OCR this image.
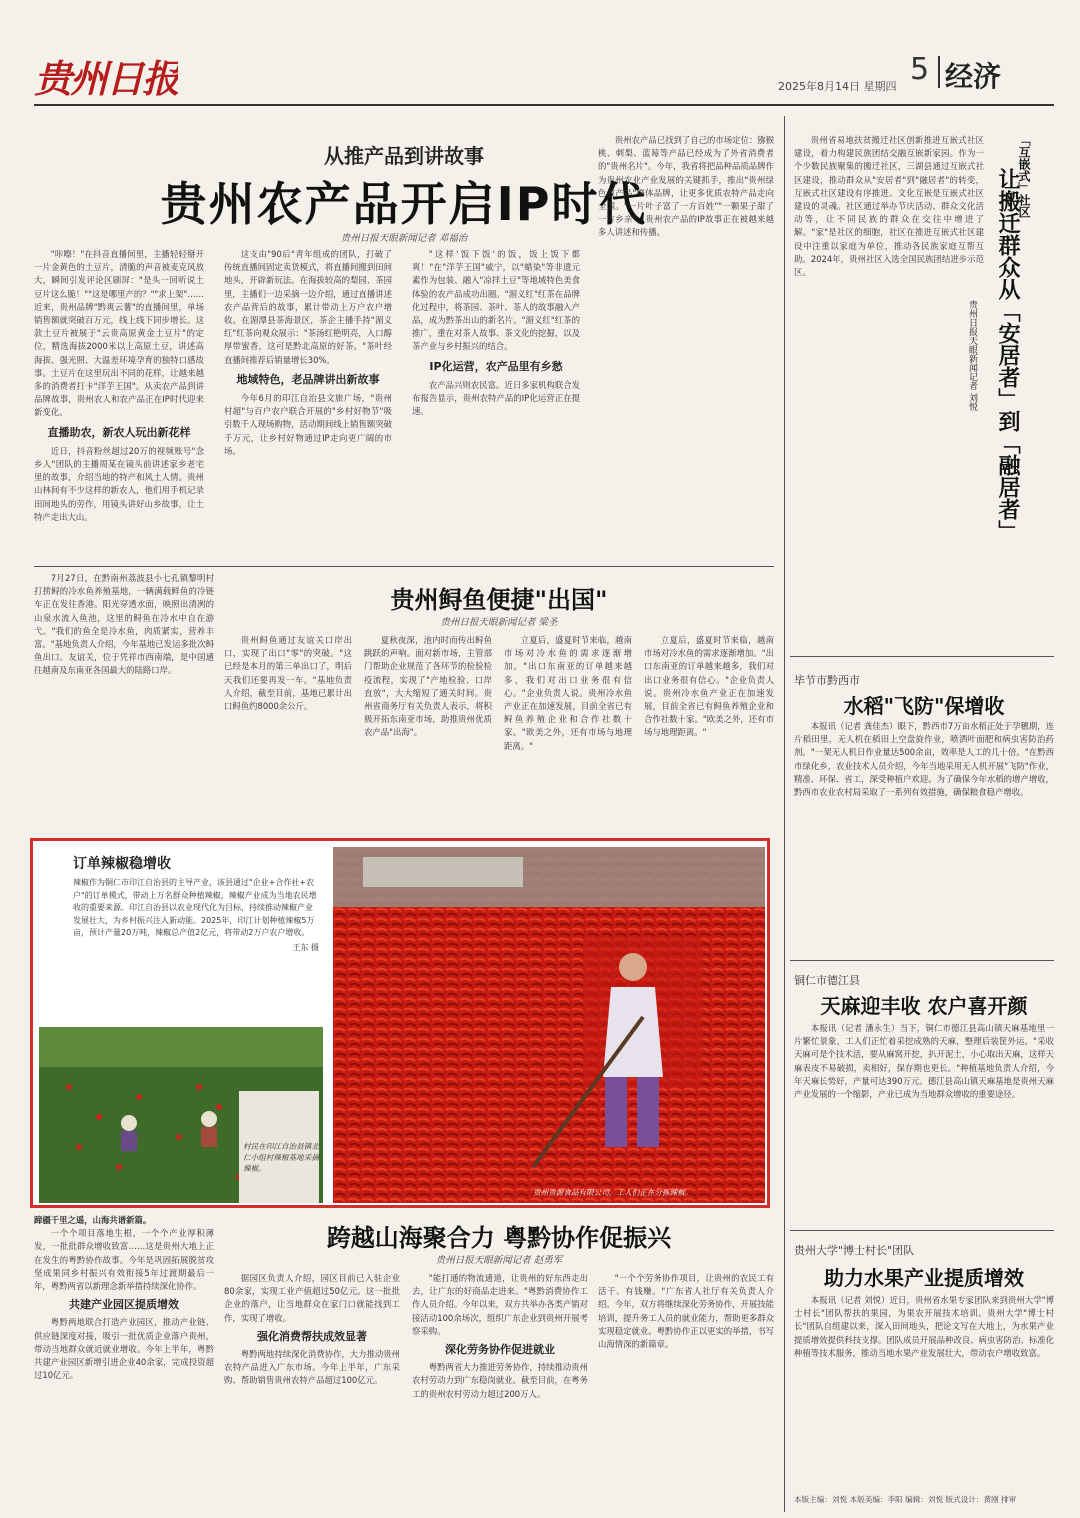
贵州日报	2025年8月14日 星期四 5 经济
从推产品到讲故事
贵州农产品开启IP时代
贵州日报天眼新闻记者 邓福治

"咔嚓！"在抖音直播间里，主播轻轻掰开一片金黄色的土豆片，清脆的声音被麦克风放大，瞬间引发评论区刷屏："是头一回听说土豆片这么脆！""这是哪里产的？""求上架"……近来，贵州品牌"黔爽云薯"的直播间里，单场销售额就突破百万元，线上线下同步增长。这款土豆片被展于"云贵高原黄金土豆片"的定位，精选海拔2000米以上高原土豆，讲述高海拔、强光照、大温差环境孕育的独特口感故事。土豆片在这里玩出不同的花样，让越来越多的消费者打卡"洋芋王国"。从卖农产品到讲品牌故事，贵州农人和农产品正在IP时代迎来新变化。

直播助农，新农人玩出新花样

近日，抖音粉丝超过20万的视频账号"念乡人"团队的主播周某在镜头前讲述家乡老宅里的故事，介绍当地的特产和风土人情。贵州山林间有不少这样的新农人，他们用手机记录田间地头的劳作，用镜头讲好山乡故事，让土特产走出大山。

这支由"90后"青年组成的团队，打破了传统直播间固定卖货模式，将直播间搬到田间地头，开辟新玩法。在海拔较高的梨园、茶园里，主播们一边采摘一边介绍，通过直播讲述农产品背后的故事，累计带动上万户农户增收。在湄潭县茶海景区，茶企主播手持"湄义红"红茶向观众展示："茶汤红艳明亮，入口醇厚带蜜香，这可是黔北高原的好茶。"茶叶经直播间推荐后销量增长30%。

地域特色，老品牌讲出新故事

今年6月的印江自治县文旅广场，"贵州村超"与百户农户联合开展的"乡村好物节"吸引数千人现场购物，活动期间线上销售额突破千万元，让乡村好物通过IP走向更广阔的市场。

"这样'饭下饭'的饭，饭上饭下都爽！"在"洋芋王国"威宁，以"蜡染"等非遗元素作为包装、融入"凉拌土豆"等地域特色美食体验的农产品成功出圈。"湄义红"红茶在品牌化过程中，将茶园、茶叶、茶人的故事融入产品，成为黔茶出山的新名片。"湄义红"红茶的推广，重在对茶人故事、茶文化的挖掘，以及茶产业与乡村振兴的结合。

IP化运营，农产品里有乡愁

农产品兴则农民富。近日多家机构联合发布报告显示，贵州农特产品的IP化运营正在提速。

贵州农产品已找到了自己的市场定位：猕猴桃、刺梨、蓝莓等产品已经成为了外省消费者的"贵州名片"。今年，我省将把品种品质品牌作为贵州农业产业发展的关键抓手，推出"贵州绿色农产品"整体品牌，让更多优质农特产品走向全国。"一片叶子富了一方百姓""一颗果子甜了一方乡亲"，贵州农产品的IP故事正在被越来越多人讲述和传播。

贵州省易地扶贫搬迁社区创新推进互嵌式社区建设，着力构建民族团结交融互嵌新家园。作为一个少数民族聚集的搬迁社区，三湖县通过互嵌式社区建设，推动群众从"安居者"到"融居者"的转变，互嵌式社区建设有序推进。文化互嵌是互嵌式社区建设的灵魂。社区通过举办节庆活动、群众文化活动等，让不同民族的群众在交往中增进了解。"家"是社区的细胞，社区在推进互嵌式社区建设中注重以家庭为单位，推动各民族家庭互帮互助。2024年，贵州社区入选全国民族团结进步示范区。

「互嵌式」社区
让搬迁群众从「安居者」到「融居者」
贵州日报天眼新闻记者 刘悦
毕节市黔西市
水稻"飞防"保增收

本报讯（记者 龚佳杰）眼下，黔西市7万亩水稻正处于孕穗期，连片稻田里，无人机在稻田上空盘旋作业，喷洒叶面肥和病虫害防治药剂。"一架无人机日作业量达500余亩，效率是人工的几十倍。"在黔西市绿化乡，农业技术人员介绍，今年当地采用无人机开展"飞防"作业，精准、环保、省工，深受种植户欢迎。为了确保今年水稻的增产增收，黔西市农业农村局采取了一系列有效措施，确保粮食稳产增收。

铜仁市德江县
天麻迎丰收 农户喜开颜

本报讯（记者 潘永生）当下，铜仁市德江县高山镇天麻基地里一片繁忙景象，工人们正忙着采挖成熟的天麻，整理后装筐外运。"采收天麻可是个技术活，要从麻窝开挖，扒开泥土，小心取出天麻，这样天麻表皮不易破损，卖相好，保存期也更长。"种植基地负责人介绍，今年天麻长势好，产量可达390万元。德江县高山镇天麻基地是贵州天麻产业发展的一个缩影，产业已成为当地群众增收的重要途径。

贵州大学"博士村长"团队
助力水果产业提质增效

本报讯（记者 刘悦）近日，贵州省水果专家团队来到贵州大学"博士村长"团队帮扶的果园，为果农开展技术培训。贵州大学"博士村长"团队自组建以来，深入田间地头，把论文写在大地上，为水果产业提质增效提供科技支撑。团队成员开展品种改良、病虫害防治、标准化种植等技术服务，推动当地水果产业发展壮大，带动农户增收致富。

本版主编：刘悦 本版美编：李阳 编辑：刘悦 版式设计：黄刚 排审
贵州鲟鱼便捷"出国"
贵州日报天眼新闻记者 梁圣

7月27日，在黔南州荔波县小七孔镇黎明村打捞鲟的冷水鱼养殖基地，一辆满载鲜鱼的冷链车正在发往香港。阳光穿透水面，映照出清冽的山泉水流入鱼池，这里的鲟鱼在冷水中自在游弋。"我们的鱼全是冷水鱼，肉质紧实，营养丰富。"基地负责人介绍，今年基地已发运多批次鲟鱼出口。友谊关，位于凭祥市西南端，是中国通往越南及东南亚各国最大的陆路口岸。

贵州鲟鱼通过友谊关口岸出口，实现了出口"零"的突破。"这已经是本月的第三单出口了，明后天我们还要再发一车。"基地负责人介绍，截至目前，基地已累计出口鲟鱼约8000余公斤。

夏秋夜深，池内时而传出鲟鱼跳跃的声响。面对新市场，主管部门帮助企业规范了各环节的检验检疫流程，实现了"产地检验、口岸直放"，大大缩短了通关时间。贵州省商务厅有关负责人表示，将积极开拓东南亚市场，助推贵州优质农产品"出海"。

立夏后，盛夏时节来临，越南市场对冷水鱼的需求逐渐增加。"出口东南亚的订单越来越多，我们对出口业务很有信心。"企业负责人说。贵州冷水鱼产业正在加速发展，目前全省已有鲟鱼养殖企业和合作社数十家。"欧美之外，还有市场与地理距离。"

立夏后，盛夏时节来临，越南市场对冷水鱼的需求逐渐增加。"出口东南亚的订单越来越多，我们对出口业务很有信心。"企业负责人说。贵州冷水鱼产业正在加速发展，目前全省已有鲟鱼养殖企业和合作社数十家。"欧美之外，还有市场与地理距离。"

订单辣椒稳增收
辣椒作为铜仁市印江自治县的主导产业，该县通过"企业+合作社+农户"的订单模式，带动上万名群众种植辣椒，辣椒产业成为当地农民增收的重要来源。印江自治县以农业现代化为目标，持续推动辣椒产业发展壮大，为乡村振兴注入新动能。2025年，印江计划种植辣椒5万亩，预计产量20万吨，辣椒总产值2亿元，将带动2万户农户增收。
王东 摄
村民在印江自治县镇北仁小组村辣椒基地采摘辣椒。
贵州贵源食品有限公司，工人们正在分拣辣椒。
跨越山海聚合力 粤黔协作促振兴
贵州日报天眼新闻记者 赵勇军
蹄疆千里之遥，山海共谱新篇。

一个个项目落地生根，一个个产业厚积薄发，一批批群众增收致富……这是贵州大地上正在发生的粤黔协作故事。今年是巩固拓展脱贫攻坚成果同乡村振兴有效衔接5年过渡期最后一年，粤黔两省以新理念新举措持续深化协作。

共建产业园区提质增效

粤黔两地联合打造产业园区，推动产业链、供应链深度对接，吸引一批优质企业落户贵州，带动当地群众就近就业增收。今年上半年，粤黔共建产业园区新增引进企业40余家，完成投资超过10亿元。

据园区负责人介绍，园区目前已入驻企业80余家，实现工业产值超过50亿元。这一批批企业的落户，让当地群众在家门口就能找到工作，实现了增收。

强化消费帮扶成效显著

粤黔两地持续深化消费协作，大力推动贵州农特产品进入广东市场。今年上半年，广东采购、帮助销售贵州农特产品超过100亿元。

"能打通的物流通道，让贵州的好东西走出去，让广东的好商品走进来。"粤黔消费协作工作人员介绍。今年以来，双方共举办各类产销对接活动100余场次，组织广东企业到贵州开展考察采购。

深化劳务协作促进就业

粤黔两省大力推进劳务协作，持续推动贵州农村劳动力到广东稳岗就业。截至目前，在粤务工的贵州农村劳动力超过200万人。

"一个个劳务协作项目，让贵州的农民工有活干、有钱赚。"广东省人社厅有关负责人介绍。今年，双方将继续深化劳务协作，开展技能培训，提升务工人员的就业能力，帮助更多群众实现稳定就业。粤黔协作正以更实的举措，书写山海情深的新篇章。
